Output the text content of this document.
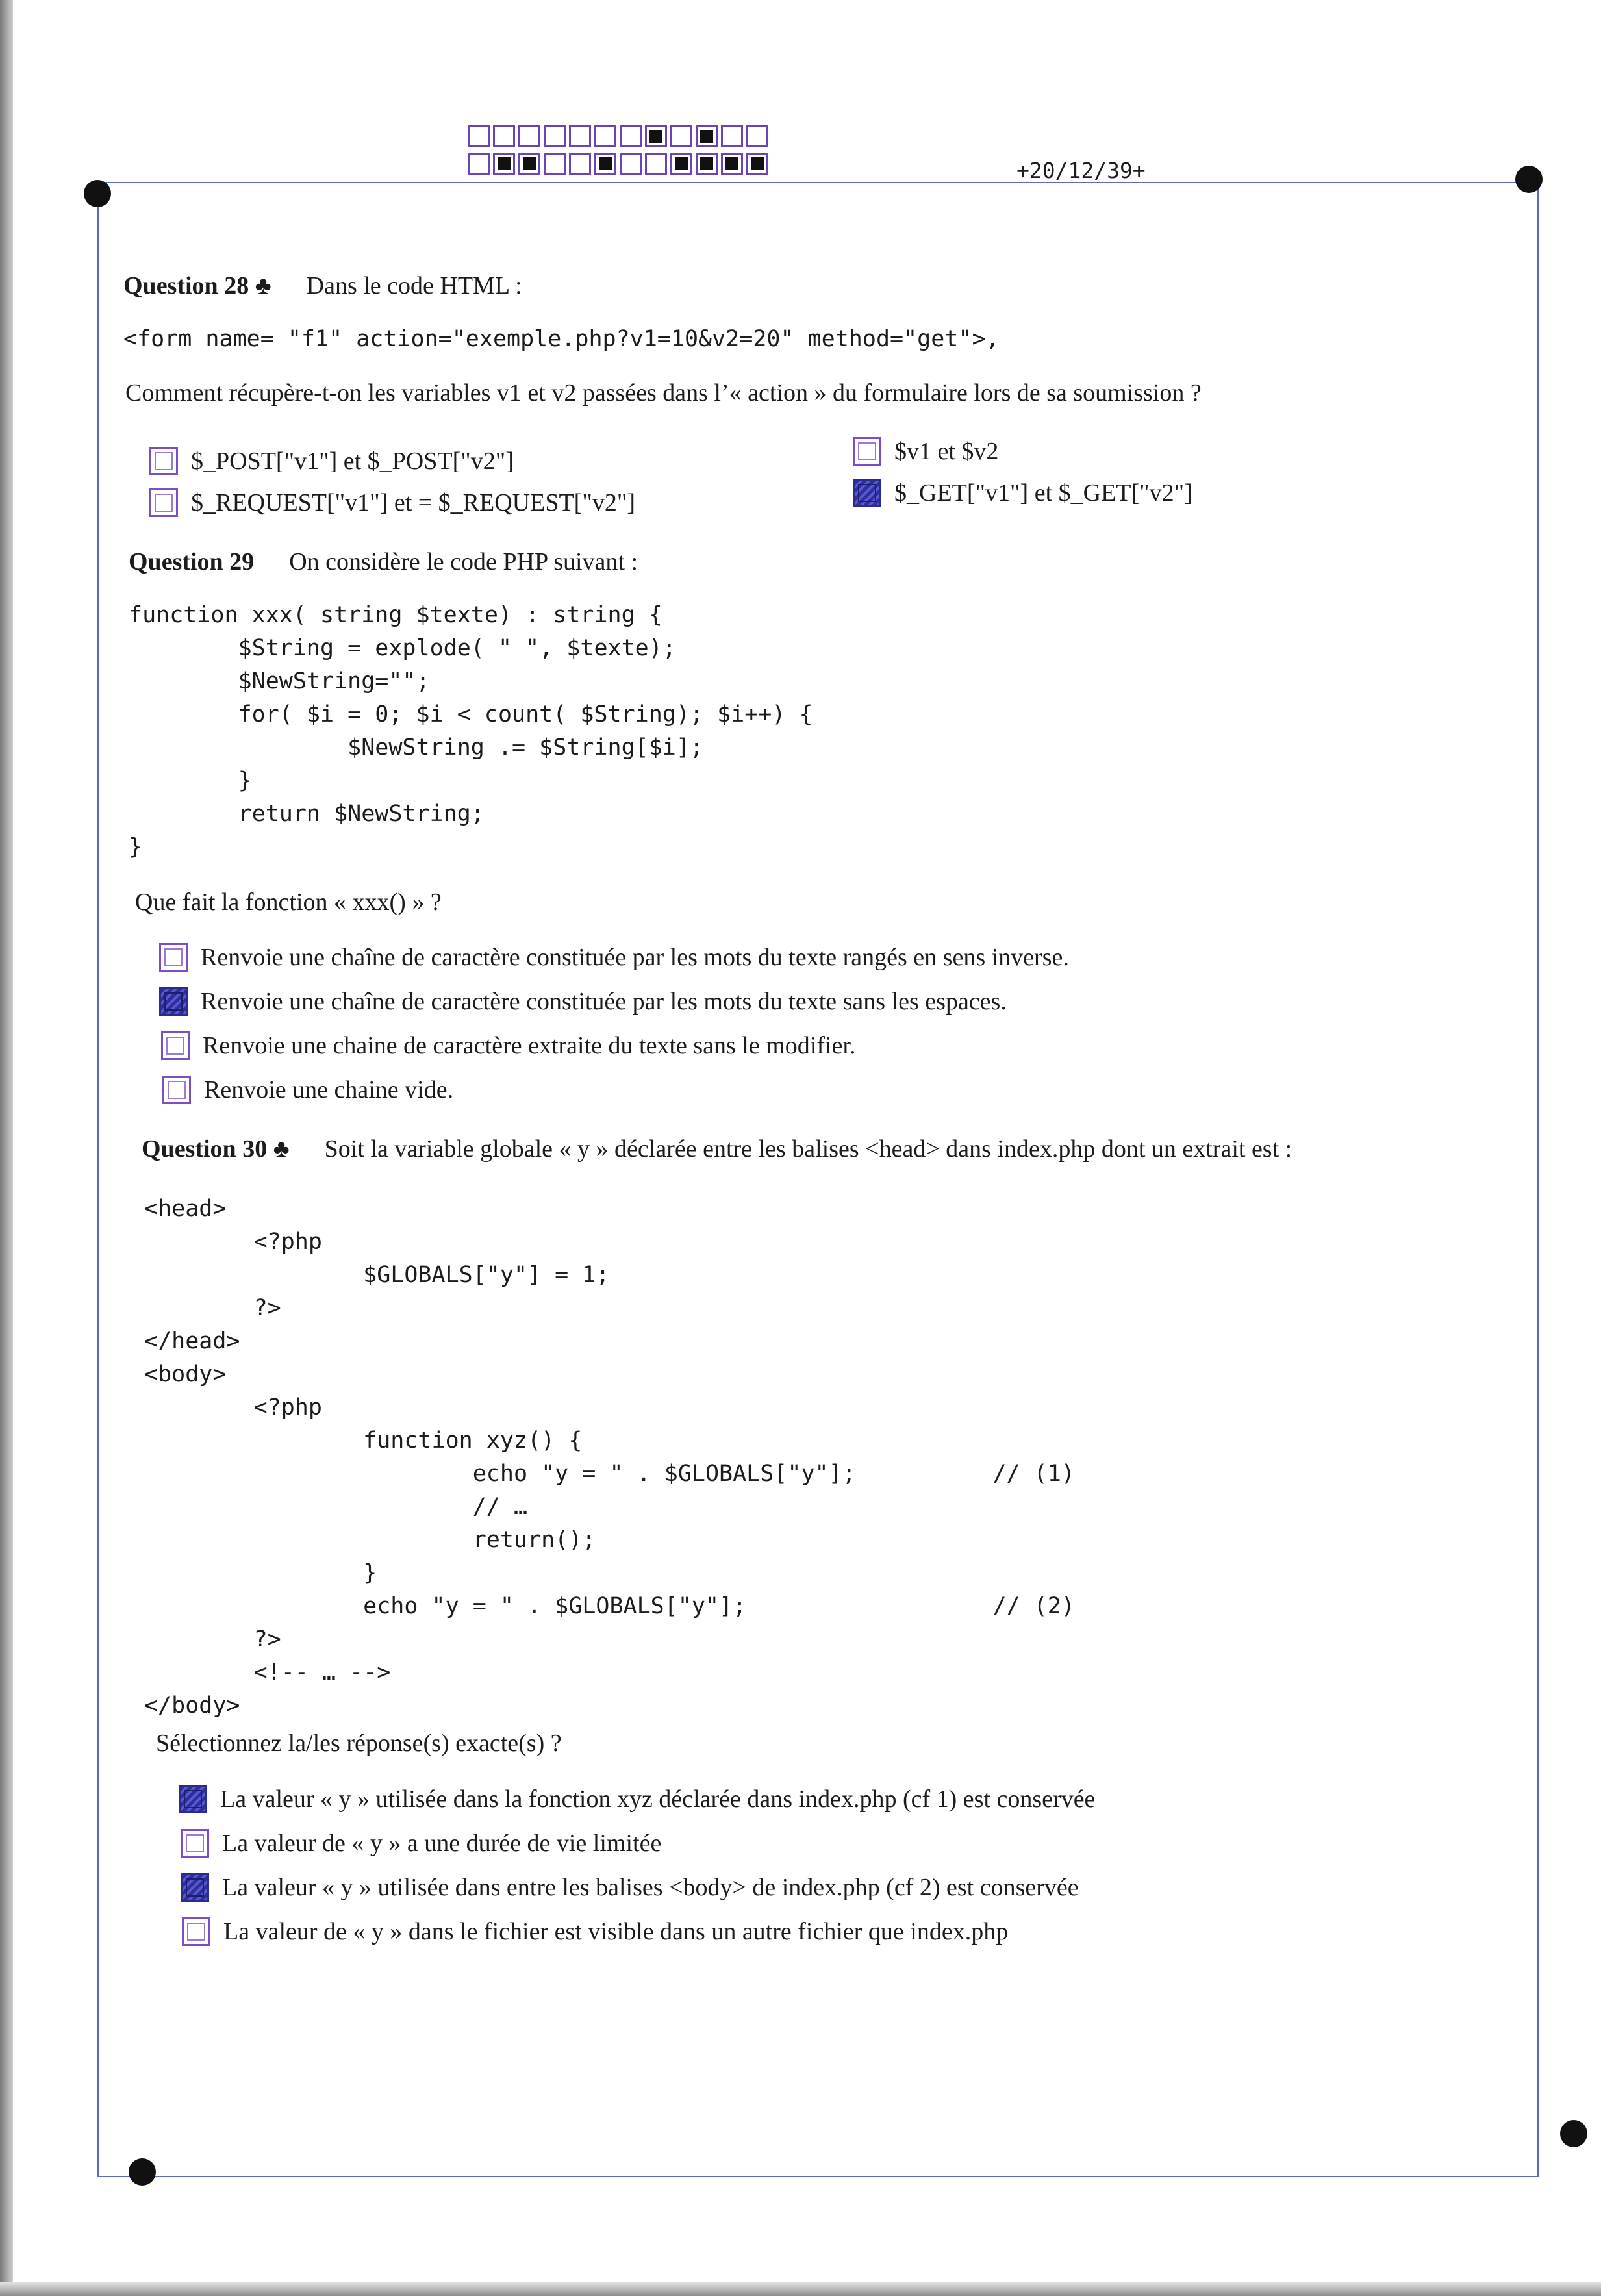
+20/12/39+
Question 28 ♣ Dans le code HTML :
<form name= "f1" action="exemple.php?v1=10&v2=20" method="get">,
Comment récupère-t-on les variables v1 et v2 passées dans l’« action » du formulaire lors de sa soumission ?
$_POST["v1"] et $_POST["v2"]
$_REQUEST["v1"] et = $_REQUEST["v2"]
$v1 et $v2
$_GET["v1"] et $_GET["v2"]
Question 29 On considère le code PHP suivant :
function xxx( string $texte) : string {
$String = explode( " ", $texte);
$NewString="";
for( $i = 0; $i < count( $String); $i++) {
$NewString .= $String[$i];
}
return $NewString;
}
Que fait la fonction « xxx() » ?
Renvoie une chaîne de caractère constituée par les mots du texte rangés en sens inverse.
Renvoie une chaîne de caractère constituée par les mots du texte sans les espaces.
Renvoie une chaine de caractère extraite du texte sans le modifier.
Renvoie une chaine vide.
Question 30 ♣ Soit la variable globale « y » déclarée entre les balises <head> dans index.php dont un extrait est :
<head>
<?php
$GLOBALS["y"] = 1;
?>
</head>
<body>
<?php
function xyz() {
echo "y = " . $GLOBALS["y"];          // (1)
// …
return();
}
echo "y = " . $GLOBALS["y"];                  // (2)
?>
<!-- … -->
</body>
Sélectionnez la/les réponse(s) exacte(s) ?
La valeur « y » utilisée dans la fonction xyz déclarée dans index.php (cf 1) est conservée
La valeur de « y » a une durée de vie limitée
La valeur « y » utilisée dans entre les balises <body> de index.php (cf 2) est conservée
La valeur de « y » dans le fichier est visible dans un autre fichier que index.php
